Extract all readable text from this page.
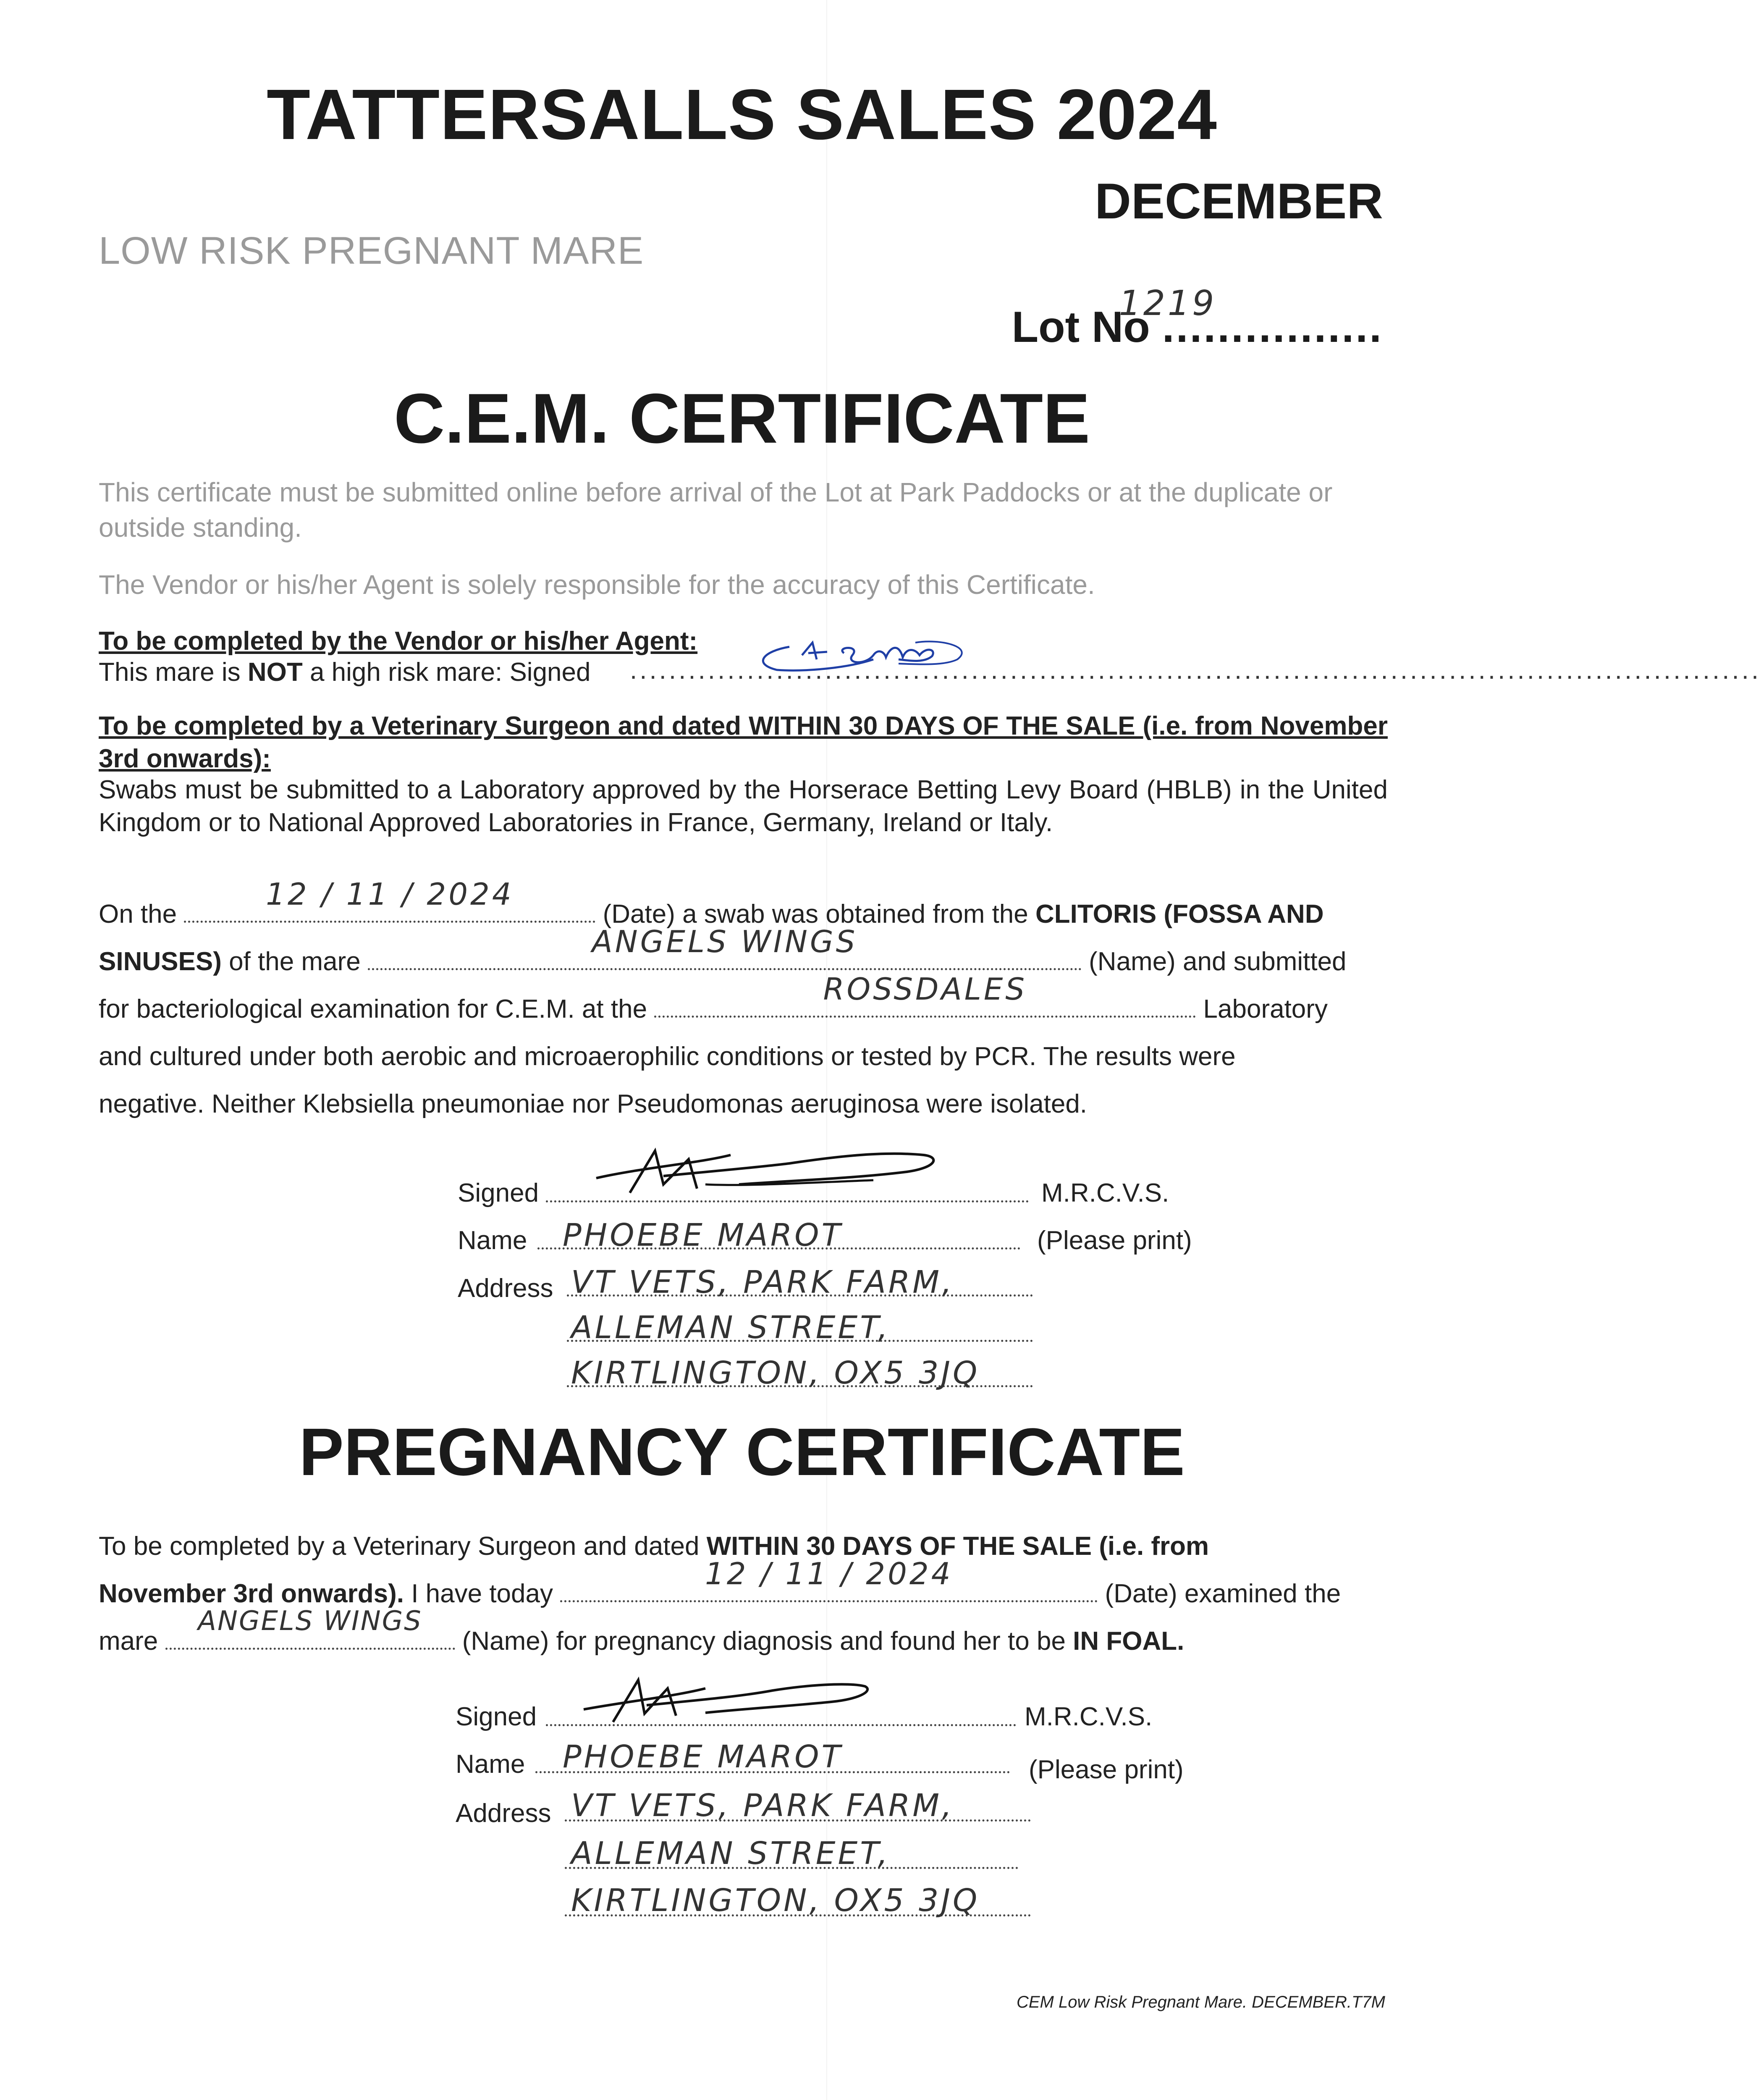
TATTERSALLS SALES 2024
DECEMBER
LOW RISK PREGNANT MARE
Lot No ................
1219
C.E.M. CERTIFICATE
This certificate must be submitted online before arrival of the Lot at Park Paddocks or at the duplicate or outside standing.
The Vendor or his/her Agent is solely responsible for the accuracy of this Certificate.
To be completed by the Vendor or his/her Agent:
This mare is NOT a high risk mare: Signed ....................................................................................................................
To be completed by a Veterinary Surgeon and dated WITHIN 30 DAYS OF THE SALE (i.e. from November 3rd onwards):
Swabs must be submitted to a Laboratory approved by the Horserace Betting Levy Board (HBLB) in the United Kingdom or to National Approved Laboratories in France, Germany, Ireland or Italy.
On the
12 / 11 / 2024
(Date) a swab was obtained from the CLITORIS (FOSSA AND
SINUSES) of the mare
ANGELS WINGS
(Name) and submitted
for bacteriological examination for C.E.M. at the
ROSSDALES
Laboratory
and cultured under both aerobic and microaerophilic conditions or tested by PCR. The results were
negative. Neither Klebsiella pneumoniae nor Pseudomonas aeruginosa were isolated.
Signed	M.R.C.V.S.
Name PHOEBE MAROT	(Please print)
Address VT VETS, PARK FARM,
ALLEMAN STREET,
KIRTLINGTON, OX5 3JQ
PREGNANCY CERTIFICATE
To be completed by a Veterinary Surgeon and dated WITHIN 30 DAYS OF THE SALE (i.e. from
November 3rd onwards). I have today
12 / 11 / 2024
(Date) examined the
mare
ANGELS WINGS
(Name) for pregnancy diagnosis and found her to be IN FOAL.
Signed	M.R.C.V.S.
Name PHOEBE MAROT	(Please print)
Address VT VETS, PARK FARM,
ALLEMAN STREET,
KIRTLINGTON, OX5 3JQ
CEM Low Risk Pregnant Mare. DECEMBER.T7M
